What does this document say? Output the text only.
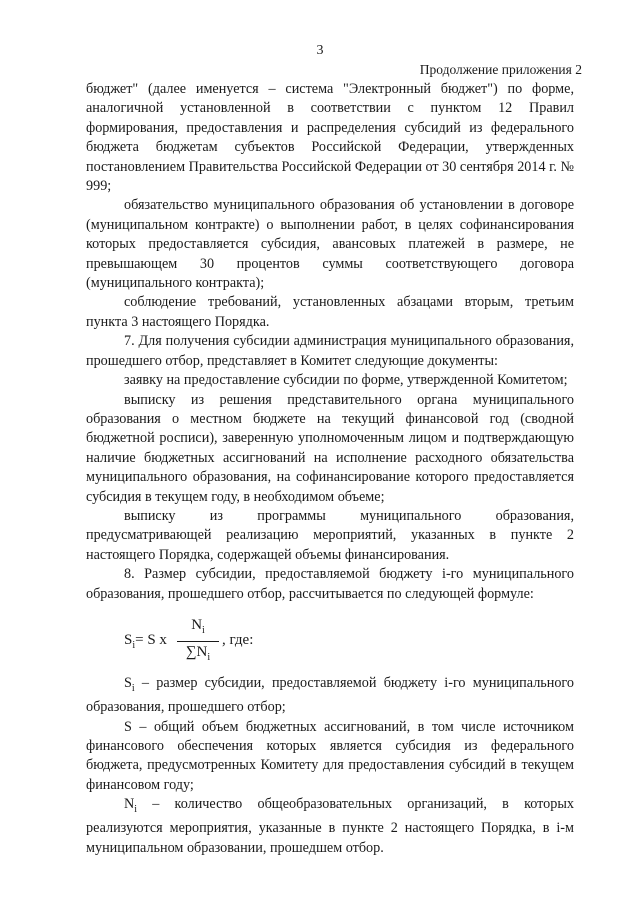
3
Продолжение приложения 2

бюджет" (далее именуется – система "Электронный бюджет") по форме, аналогичной установленной в соответствии с пунктом 12 Правил формирования, предоставления и распределения субсидий из федерального бюджета бюджетам субъектов Российской Федерации, утвержденных постановлением Правительства Российской Федерации от 30 сентября 2014 г. № 999;

обязательство муниципального образования об установлении в договоре (муниципальном контракте) о выполнении работ, в целях софинансирования которых предоставляется субсидия, авансовых платежей в размере, не превышающем 30 процентов суммы соответствующего договора (муниципального контракта);

соблюдение требований, установленных абзацами вторым, третьим пункта 3 настоящего Порядка.

7. Для получения субсидии администрация муниципального образования, прошедшего отбор, представляет в Комитет следующие документы:

заявку на предоставление субсидии по форме, утвержденной Комитетом;

выписку из решения представительного органа муниципального образования о местном бюджете на текущий финансовой год (сводной бюджетной росписи), заверенную уполномоченным лицом и подтверждающую наличие бюджетных ассигнований на исполнение расходного обязательства муниципального образования, на софинансирование которого предоставляется субсидия в текущем году, в необходимом объеме;

выписку из программы муниципального образования, предусматривающей реализацию мероприятий, указанных в пункте 2 настоящего Порядка, содержащей объемы финансирования.

8. Размер субсидии, предоставляемой бюджету i-го муниципального образования, прошедшего отбор, рассчитывается по следующей формуле:

$S_i= S$ x $\frac{N_i}{\sum N_i}$ , где:

$S_i$ – размер субсидии, предоставляемой бюджету i-го муниципального образования, прошедшего отбор;

S – общий объем бюджетных ассигнований, в том числе источником финансового обеспечения которых является субсидия из федерального бюджета, предусмотренных Комитету для предоставления субсидий в текущем финансовом году;

$N_i$ – количество общеобразовательных организаций, в которых реализуются мероприятия, указанные в пункте 2 настоящего Порядка, в i-м муниципальном образовании, прошедшем отбор.
